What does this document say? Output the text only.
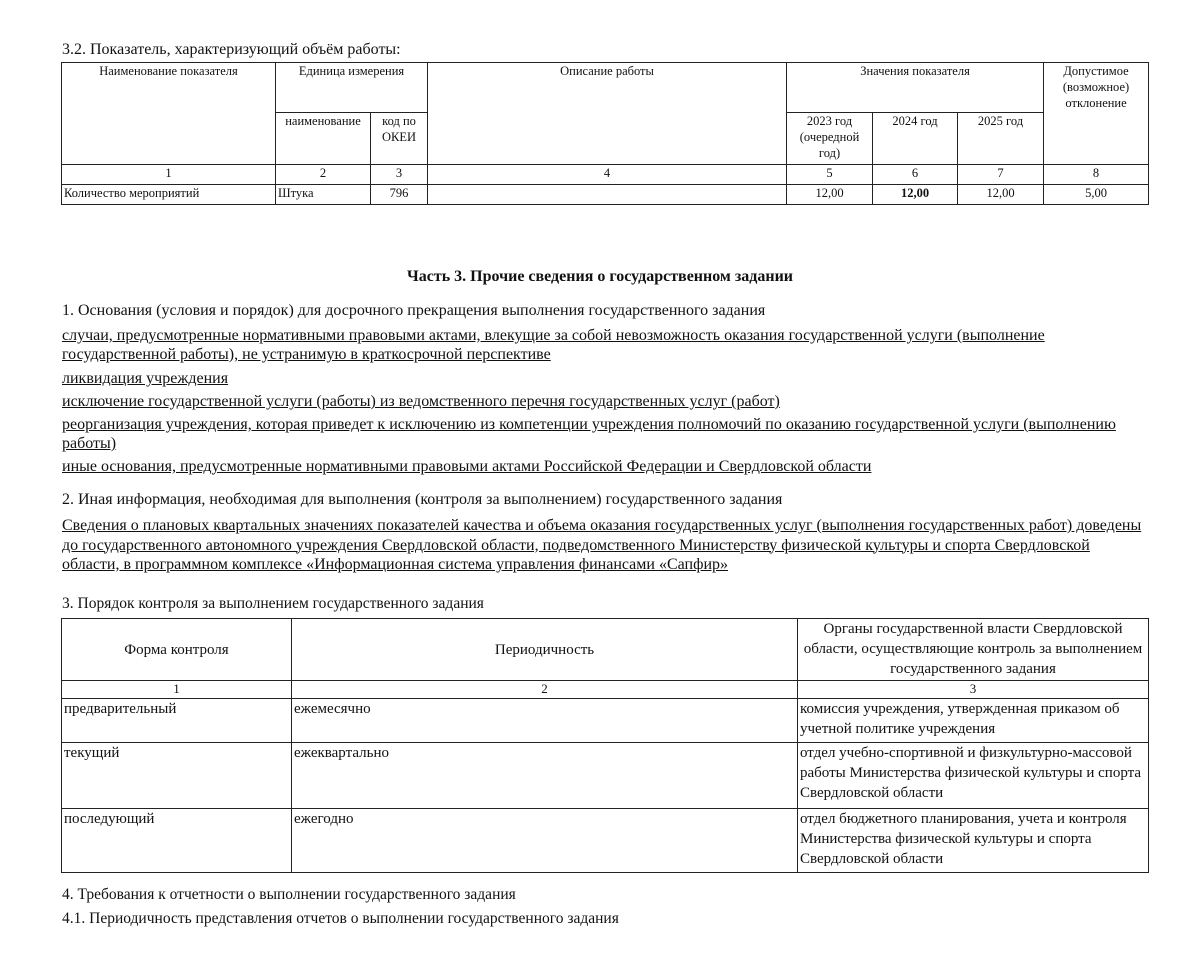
3.2. Показатель, характеризующий объём работы:
Наименование показателя	Единица измерения		Описание работы	Значения показателя			Допустимое (возможное) отклонение
	наименование	код по ОКЕИ		2023 год (очередной год)	2024 год	2025 год	
1	2	3	4	5	6	7	8
Количество мероприятий	Штука	796		12,00	12,00	12,00	5,00
Часть 3. Прочие сведения о государственном задании
1. Основания (условия и порядок) для досрочного прекращения выполнения государственного задания
случаи, предусмотренные нормативными правовыми актами, влекущие за собой невозможность оказания государственной услуги (выполнение государственной работы), не устранимую в краткосрочной перспективе
ликвидация учреждения
исключение государственной услуги (работы) из ведомственного перечня государственных услуг (работ)
реорганизация учреждения, которая приведет к исключению из компетенции учреждения полномочий по оказанию государственной услуги (выполнению работы)
иные основания, предусмотренные нормативными правовыми актами Российской Федерации и Свердловской области
2. Иная информация, необходимая для выполнения (контроля за выполнением) государственного задания
Сведения о плановых квартальных значениях показателей качества и объема оказания государственных услуг (выполнения государственных работ) доведены до государственного автономного учреждения Свердловской области, подведомственного Министерству физической культуры и спорта Свердловской области, в программном комплексе «Информационная система управления финансами «Сапфир»
3. Порядок контроля за выполнением государственного задания
Форма контроля	Периодичность	Органы государственной власти Свердловской области, осуществляющие контроль за выполнением государственного задания
1	2	3
предварительный	ежемесячно	комиссия учреждения, утвержденная приказом об учетной политике учреждения
текущий	ежеквартально	отдел учебно-спортивной и физкультурно-массовой работы Министерства физической культуры и спорта Свердловской области
последующий	ежегодно	отдел бюджетного планирования, учета и контроля Министерства физической культуры и спорта Свердловской области
4. Требования к отчетности о выполнении государственного задания
4.1. Периодичность представления отчетов о выполнении государственного задания
